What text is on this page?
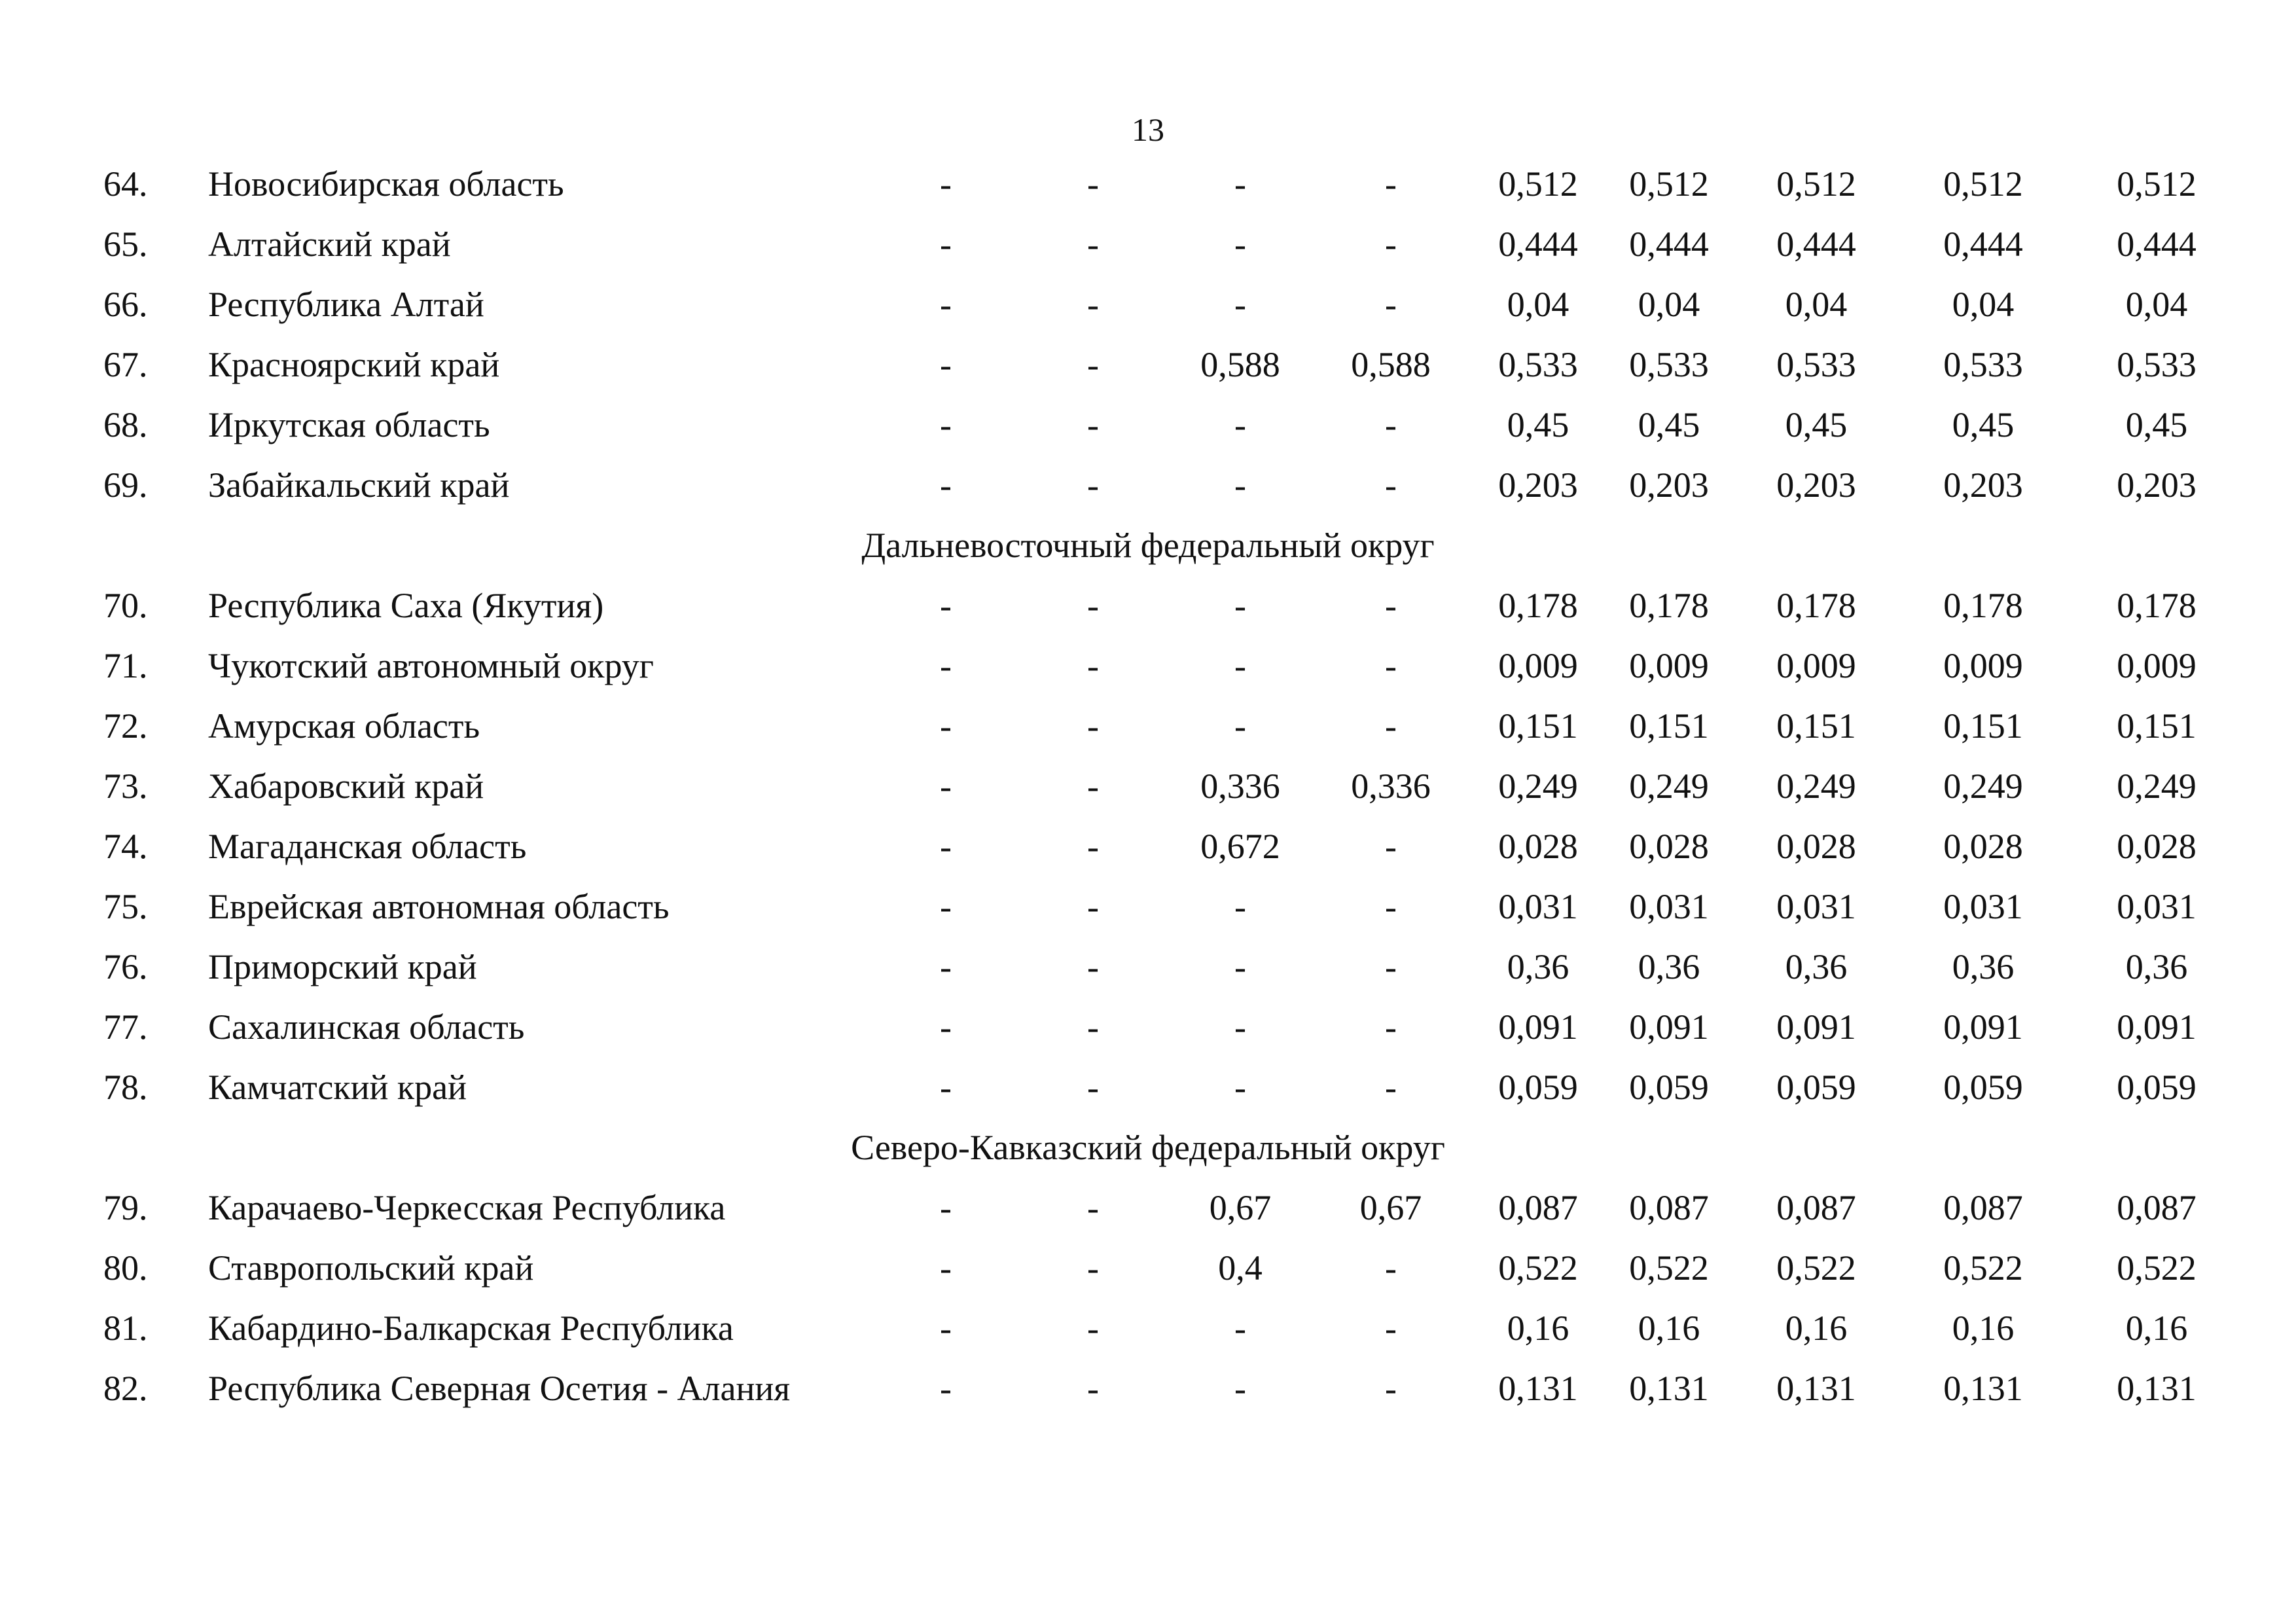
13
64.	Новосибирская область	-	-	-	-	0,512	0,512	0,512	0,512	0,512
65.	Алтайский край	-	-	-	-	0,444	0,444	0,444	0,444	0,444
66.	Республика Алтай	-	-	-	-	0,04	0,04	0,04	0,04	0,04
67.	Красноярский край	-	-	0,588	0,588	0,533	0,533	0,533	0,533	0,533
68.	Иркутская область	-	-	-	-	0,45	0,45	0,45	0,45	0,45
69.	Забайкальский край	-	-	-	-	0,203	0,203	0,203	0,203	0,203
Дальневосточный федеральный округ
70.	Республика Саха (Якутия)	-	-	-	-	0,178	0,178	0,178	0,178	0,178
71.	Чукотский автономный округ	-	-	-	-	0,009	0,009	0,009	0,009	0,009
72.	Амурская область	-	-	-	-	0,151	0,151	0,151	0,151	0,151
73.	Хабаровский край	-	-	0,336	0,336	0,249	0,249	0,249	0,249	0,249
74.	Магаданская область	-	-	0,672	-	0,028	0,028	0,028	0,028	0,028
75.	Еврейская автономная область	-	-	-	-	0,031	0,031	0,031	0,031	0,031
76.	Приморский край	-	-	-	-	0,36	0,36	0,36	0,36	0,36
77.	Сахалинская область	-	-	-	-	0,091	0,091	0,091	0,091	0,091
78.	Камчатский край	-	-	-	-	0,059	0,059	0,059	0,059	0,059
Северо-Кавказский федеральный округ
79.	Карачаево-Черкесская Республика	-	-	0,67	0,67	0,087	0,087	0,087	0,087	0,087
80.	Ставропольский край	-	-	0,4	-	0,522	0,522	0,522	0,522	0,522
81.	Кабардино-Балкарская Республика	-	-	-	-	0,16	0,16	0,16	0,16	0,16
82.	Республика Северная Осетия - Алания	-	-	-	-	0,131	0,131	0,131	0,131	0,131
